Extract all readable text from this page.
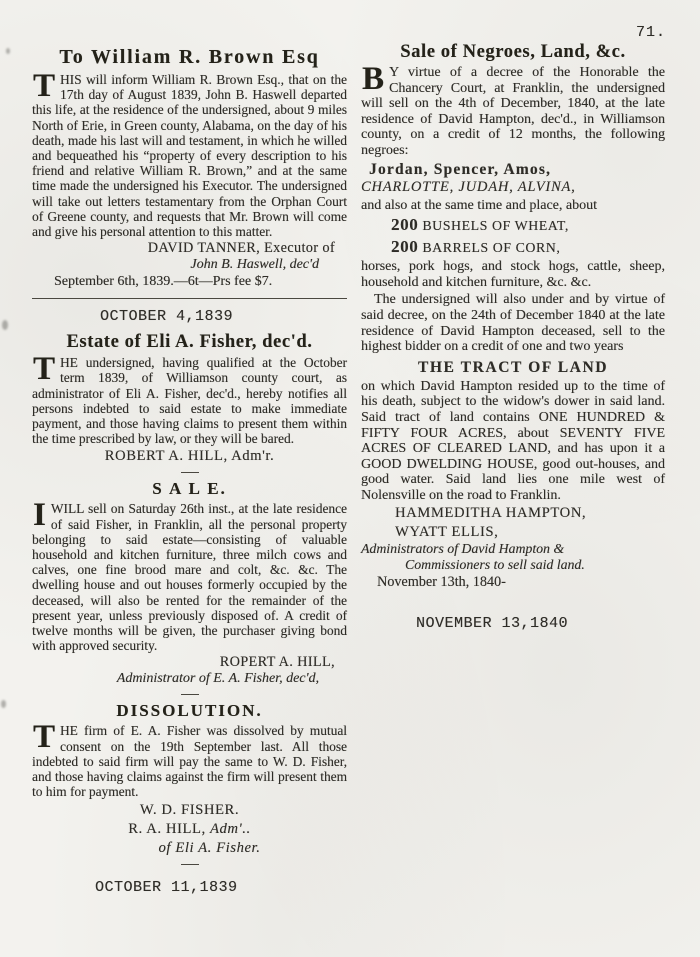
71.
To William R. Brown Esq

THIS will inform William R. Brown Esq., that on the 17th day of August 1839, John B. Haswell departed this life, at the residence of the undersigned, about 9 miles North of Erie, in Green county, Alabama, on the day of his death, made his last will and testament, in which he willed and bequeathed his “property of every description to his friend and relative William R. Brown,” and at the same time made the undersigned his Executor. The undersigned will take out letters testamentary from the Orphan Court of Greene county, and requests that Mr. Brown will come and give his personal attention to this matter.

DAVID TANNER, Executor of
John B. Haswell, dec'd
September 6th, 1839.—6t—Prs fee $7.
OCTOBER 4,1839
Estate of Eli A. Fisher, dec'd.

THE undersigned, having qualified at the October term 1839, of Williamson county court, as administrator of Eli A. Fisher, dec'd., hereby notifies all persons indebted to said estate to make immediate payment, and those having claims to present them within the time prescribed by law, or they will be bared.

ROBERT A. HILL, Adm'r.
S A L E.

IWILL sell on Saturday 26th inst., at the late residence of said Fisher, in Franklin, all the personal property belonging to said estate—consisting of valuable household and kitchen furniture, three milch cows and calves, one fine brood mare and colt, &c. &c. The dwelling house and out houses formerly occupied by the deceased, will also be rented for the remainder of the present year, unless previously disposed of. A credit of twelve months will be given, the purchaser giving bond with approved security.

ROPERT A. HILL,
Administrator of E. A. Fisher, dec'd,
DISSOLUTION.

THE firm of E. A. Fisher was dissolved by mutual consent on the 19th September last. All those indebted to said firm will pay the same to W. D. Fisher, and those having claims against the firm will present them to him for payment.

W. D. FISHER.
R. A. HILL, Adm'..
of Eli A. Fisher.
OCTOBER 11,1839
Sale of Negroes, Land, &c.

B Y virtue of a decree of the Honorable the Chancery Court, at Franklin, the undersigned will sell on the 4th of December, 1840, at the late residence of David Hampton, dec'd., in Williamson county, on a credit of 12 months, the following negroes:

Jordan, Spencer, Amos,
CHARLOTTE, JUDAH, ALVINA,

and also at the same time and place, about

200 BUSHELS OF WHEAT,
200 BARRELS OF CORN,

horses, pork hogs, and stock hogs, cattle, sheep, household and kitchen furniture, &c. &c.

The undersigned will also under and by virtue of said decree, on the 24th of December 1840 at the late residence of David Hampton deceased, sell to the highest bidder on a credit of one and two years

THE TRACT OF LAND

on which David Hampton resided up to the time of his death, subject to the widow's dower in said land. Said tract of land contains ONE HUNDRED & FIFTY FOUR ACRES, about SEVENTY FIVE ACRES OF CLEARED LAND, and has upon it a GOOD DWELDING HOUSE, good out-houses, and good water. Said land lies one mile west of Nolensville on the road to Franklin.

HAMMEDITHA HAMPTON,
WYATT ELLIS,
Administrators of David Hampton &
Commissioners to sell said land.
November 13th, 1840-
NOVEMBER 13,1840
